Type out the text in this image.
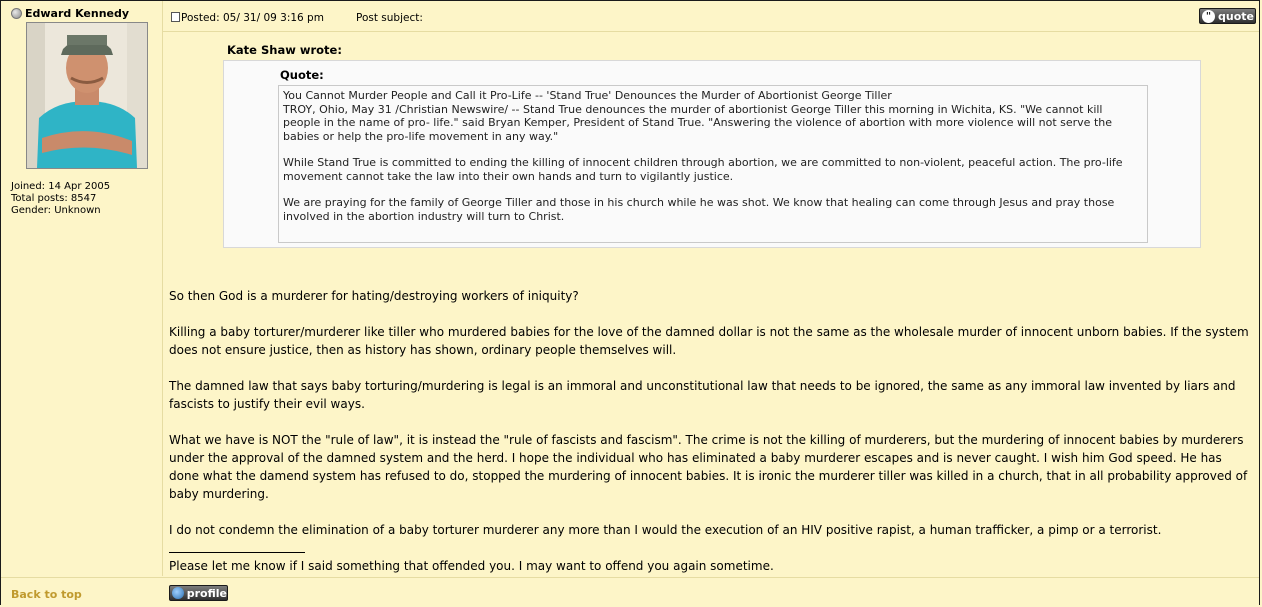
Edward Kennedy
Joined: 14 Apr 2005
Total posts: 8547
Gender: Unknown
Posted: 05/ 31/ 09 3:16 pm	Post subject:	" quote
Kate Shaw wrote:
Quote:

You Cannot Murder People and Call it Pro-Life -- 'Stand True' Denounces the Murder of Abortionist George Tiller
TROY, Ohio, May 31 /Christian Newswire/ -- Stand True denounces the murder of abortionist George Tiller this morning in Wichita, KS. "We cannot kill people in the name of pro- life." said Bryan Kemper, President of Stand True. "Answering the violence of abortion with more violence will not serve the babies or help the pro-life movement in any way."

While Stand True is committed to ending the killing of innocent children through abortion, we are committed to non-violent, peaceful action. The pro-life movement cannot take the law into their own hands and turn to vigilantly justice.

We are praying for the family of George Tiller and those in his church while he was shot. We know that healing can come through Jesus and pray those involved in the abortion industry will turn to Christ.

So then God is a murderer for hating/destroying workers of iniquity?

Killing a baby torturer/murderer like tiller who murdered babies for the love of the damned dollar is not the same as the wholesale murder of innocent unborn babies. If the system does not ensure justice, then as history has shown, ordinary people themselves will.

The damned law that says baby torturing/murdering is legal is an immoral and unconstitutional law that needs to be ignored, the same as any immoral law invented by liars and fascists to justify their evil ways.

What we have is NOT the "rule of law", it is instead the "rule of fascists and fascism". The crime is not the killing of murderers, but the murdering of innocent babies by murderers under the approval of the damned system and the herd. I hope the individual who has eliminated a baby murderer escapes and is never caught. I wish him God speed. He has done what the damend system has refused to do, stopped the murdering of innocent babies. It is ironic the murderer tiller was killed in a church, that in all probability approved of baby murdering.

I do not condemn the elimination of a baby torturer murderer any more than I would the execution of an HIV positive rapist, a human trafficker, a pimp or a terrorist.

Please let me know if I said something that offended you. I may want to offend you again sometime.

Back to top	profile
